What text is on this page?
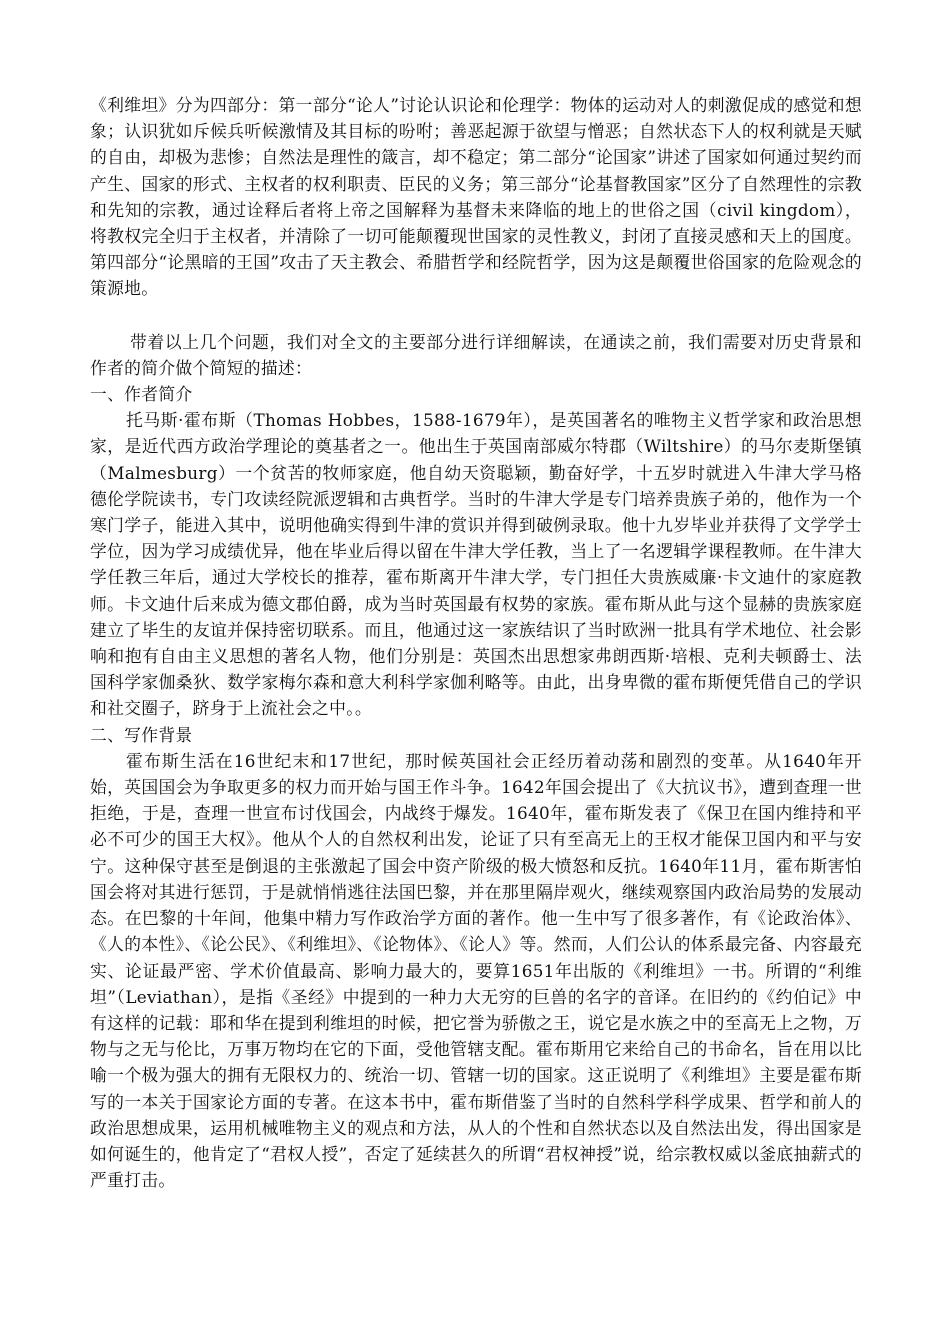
《利维坦》分为四部分：第一部分“论人”讨论认识论和伦理学：物体的运动对人的刺激促成的感觉和想象；认识犹如斥候兵听候激情及其目标的吩咐；善恶起源于欲望与憎恶；自然状态下人的权利就是天赋的自由，却极为悲惨；自然法是理性的箴言，却不稳定；第二部分“论国家”讲述了国家如何通过契约而产生、国家的形式、主权者的权利职责、臣民的义务；第三部分“论基督教国家”区分了自然理性的宗教和先知的宗教，通过诠释后者将上帝之国解释为基督未来降临的地上的世俗之国（civil kingdom），将教权完全归于主权者，并清除了一切可能颠覆现世国家的灵性教义，封闭了直接灵感和天上的国度。第四部分“论黑暗的王国”攻击了天主教会、希腊哲学和经院哲学，因为这是颠覆世俗国家的危险观念的策源地。

带着以上几个问题，我们对全文的主要部分进行详细解读，在通读之前，我们需要对历史背景和作者的简介做个简短的描述：

一、作者简介

托马斯·霍布斯（Thomas Hobbes，1588-1679年），是英国著名的唯物主义哲学家和政治思想家，是近代西方政治学理论的奠基者之一。他出生于英国南部威尔特郡（Wiltshire）的马尔麦斯堡镇（Malmesburg）一个贫苦的牧师家庭，他自幼天资聪颖，勤奋好学，十五岁时就进入牛津大学马格德伦学院读书，专门攻读经院派逻辑和古典哲学。当时的牛津大学是专门培养贵族子弟的，他作为一个寒门学子，能进入其中，说明他确实得到牛津的赏识并得到破例录取。他十九岁毕业并获得了文学学士学位，因为学习成绩优异，他在毕业后得以留在牛津大学任教，当上了一名逻辑学课程教师。在牛津大学任教三年后，通过大学校长的推荐，霍布斯离开牛津大学，专门担任大贵族威廉·卡文迪什的家庭教师。卡文迪什后来成为德文郡伯爵，成为当时英国最有权势的家族。霍布斯从此与这个显赫的贵族家庭建立了毕生的友谊并保持密切联系。而且，他通过这一家族结识了当时欧洲一批具有学术地位、社会影响和抱有自由主义思想的著名人物，他们分别是：英国杰出思想家弗朗西斯·培根、克利夫顿爵士、法国科学家伽桑狄、数学家梅尔森和意大利科学家伽利略等。由此，出身卑微的霍布斯便凭借自己的学识和社交圈子，跻身于上流社会之中。。

二、写作背景

霍布斯生活在16世纪末和17世纪，那时候英国社会正经历着动荡和剧烈的变革。从1640年开始，英国国会为争取更多的权力而开始与国王作斗争。1642年国会提出了《大抗议书》，遭到查理一世拒绝，于是，查理一世宣布讨伐国会，内战终于爆发。1640年，霍布斯发表了《保卫在国内维持和平必不可少的国王大权》。他从个人的自然权利出发，论证了只有至高无上的王权才能保卫国内和平与安宁。这种保守甚至是倒退的主张激起了国会中资产阶级的极大愤怒和反抗。1640年11月，霍布斯害怕国会将对其进行惩罚，于是就悄悄逃往法国巴黎，并在那里隔岸观火，继续观察国内政治局势的发展动态。在巴黎的十年间，他集中精力写作政治学方面的著作。他一生中写了很多著作，有《论政治体》、《人的本性》、《论公民》、《利维坦》、《论物体》、《论人》等。然而，人们公认的体系最完备、内容最充实、论证最严密、学术价值最高、影响力最大的，要算1651年出版的《利维坦》一书。所谓的“利维坦”（Leviathan），是指《圣经》中提到的一种力大无穷的巨兽的名字的音译。在旧约的《约伯记》中有这样的记载：耶和华在提到利维坦的时候，把它誉为骄傲之王，说它是水族之中的至高无上之物，万物与之无与伦比，万事万物均在它的下面，受他管辖支配。霍布斯用它来给自己的书命名，旨在用以比喻一个极为强大的拥有无限权力的、统治一切、管辖一切的国家。这正说明了《利维坦》主要是霍布斯写的一本关于国家论方面的专著。在这本书中，霍布斯借鉴了当时的自然科学科学成果、哲学和前人的政治思想成果，运用机械唯物主义的观点和方法，从人的个性和自然状态以及自然法出发，得出国家是如何诞生的，他肯定了“君权人授”，否定了延续甚久的所谓“君权神授”说，给宗教权威以釜底抽薪式的严重打击。
